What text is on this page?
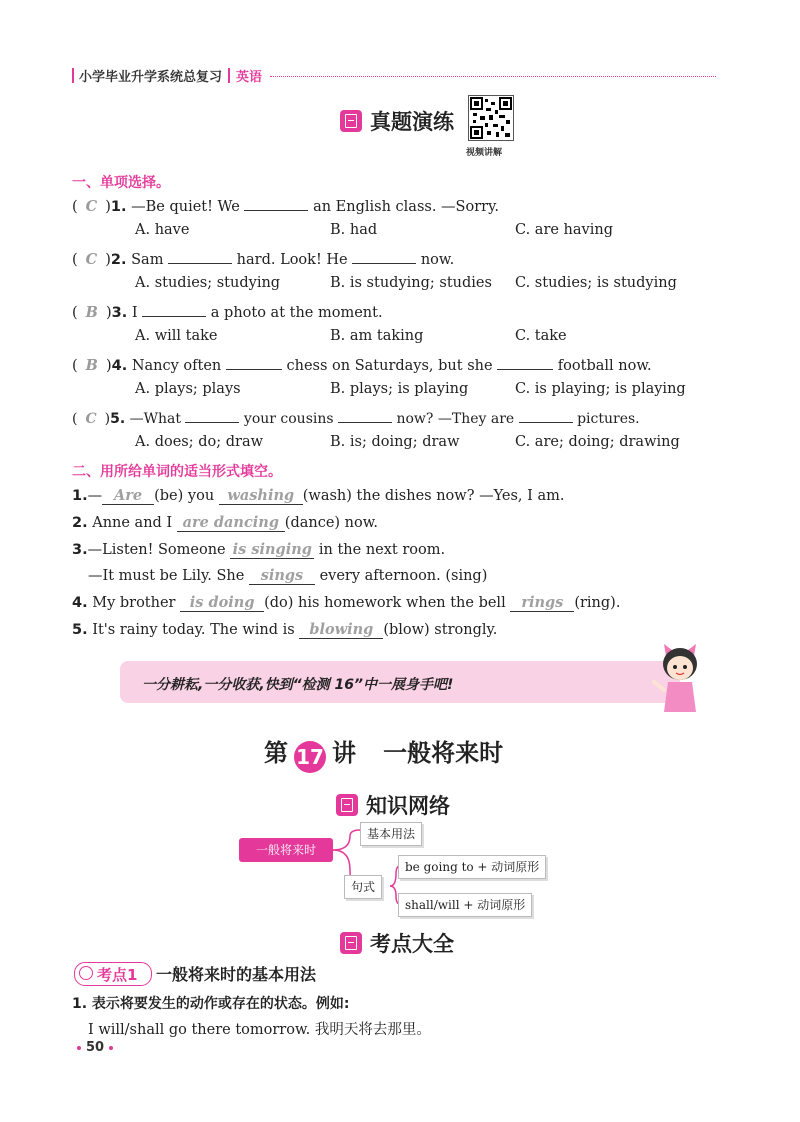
小学毕业升学系统总复习 英语
真题演练
视频讲解
一、单项选择。
( C )1. —Be quiet! We	an English class. —Sorry.
A. have	B. had	C. are having
( C )2. Sam	hard. Look! He	now.
A. studies; studying	B. is studying; studies C. studies; is studying
( B )3. I	a photo at the moment.
A. will take	B. am taking	C. take
( B )4. Nancy often	chess on Saturdays, but she	football now.
A. plays; plays	B. plays; is playing	C. is playing; is playing
( C )5. —What	your cousins	now? —They are	pictures.
A. does; do; draw	B. is; doing; draw	C. are; doing; drawing
二、用所给单词的适当形式填空。
1.— Are (be) you washing (wash) the dishes now? —Yes, I am.
2. Anne and I are dancing (dance) now.
3.—Listen! Someone is singing in the next room.
—It must be Lily. She sings every afternoon. (sing)
4. My brother is doing (do) his homework when the bell rings (ring).
5. It's rainy today. The wind is blowing (blow) strongly.
一分耕耘,一分收获,快到“检测 16”中一展身手吧!
第 17 讲 一般将来时
知识网络
一般将来时
基本用法
句式
be going to + 动词原形
shall/will + 动词原形
考点大全
考点1 一般将来时的基本用法
1. 表示将要发生的动作或存在的状态。例如:
I will/shall go there tomorrow. 我明天将去那里。
50
